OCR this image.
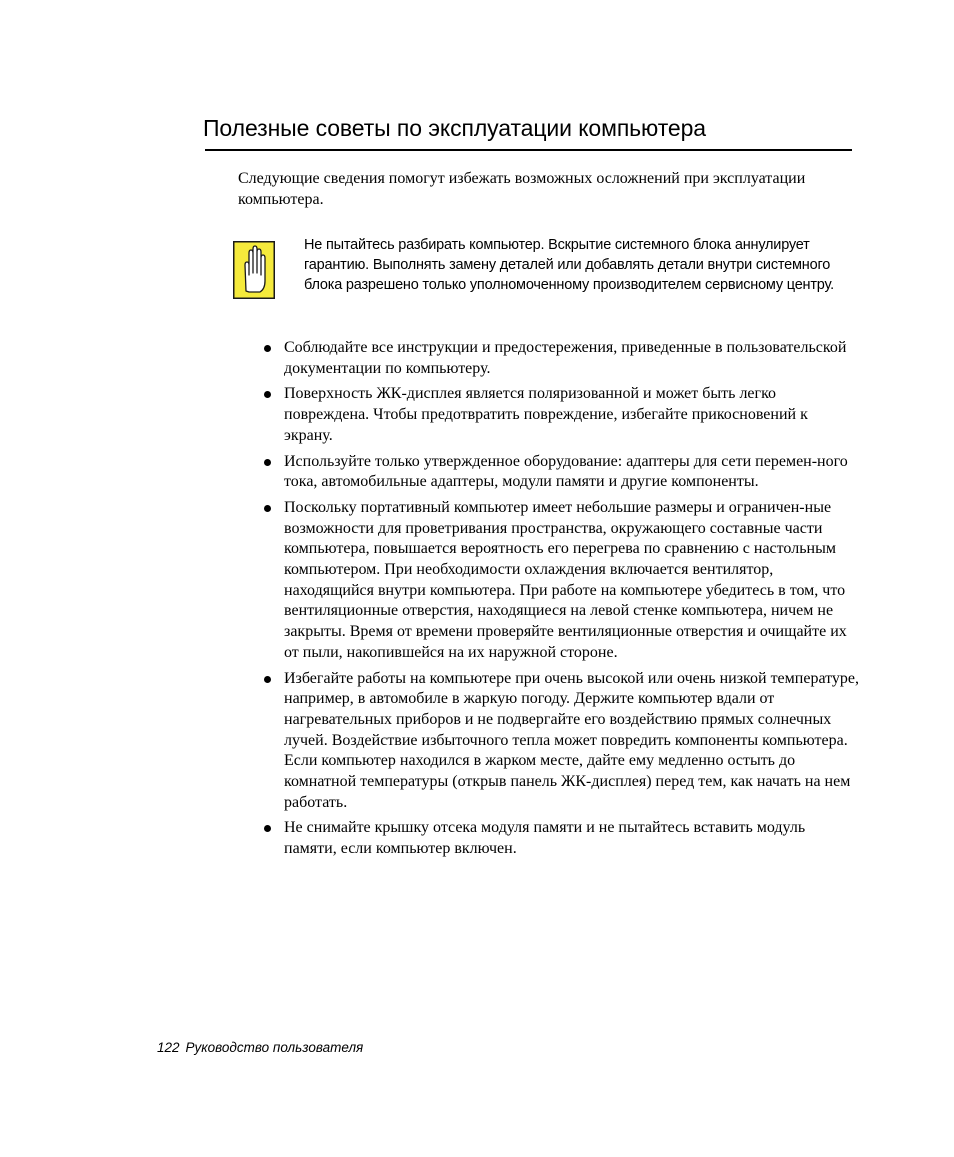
Полезные советы по эксплуатации компьютера

Следующие сведения помогут избежать возможных осложнений при эксплуатации компьютера.

Не пытайтесь разбирать компьютер. Вскрытие системного блока аннулирует гарантию. Выполнять замену деталей или добавлять детали внутри системного блока разрешено только уполномоченному производителем сервисному центру.

Соблюдайте все инструкции и предостережения, приведенные в пользовательской документации по компьютеру.
Поверхность ЖК-дисплея является поляризованной и может быть легко повреждена. Чтобы предотвратить повреждение, избегайте прикосновений к экрану.
Используйте только утвержденное оборудование: адаптеры для сети перемен-ного тока, автомобильные адаптеры, модули памяти и другие компоненты.
Поскольку портативный компьютер имеет небольшие размеры и ограничен-ные возможности для проветривания пространства, окружающего составные части компьютера, повышается вероятность его перегрева по сравнению с настольным компьютером. При необходимости охлаждения включается вентилятор, находящийся внутри компьютера. При работе на компьютере убедитесь в том, что вентиляционные отверстия, находящиеся на левой стенке компьютера, ничем не закрыты. Время от времени проверяйте вентиляционные отверстия и очищайте их от пыли, накопившейся на их наружной стороне.
Избегайте работы на компьютере при очень высокой или очень низкой температуре, например, в автомобиле в жаркую погоду. Держите компьютер вдали от нагревательных приборов и не подвергайте его воздействию прямых солнечных лучей. Воздействие избыточного тепла может повредить компоненты компьютера. Если компьютер находился в жарком месте, дайте ему медленно остыть до комнатной температуры (открыв панель ЖК-дисплея) перед тем, как начать на нем работать.
Не снимайте крышку отсека модуля памяти и не пытайтесь вставить модуль памяти, если компьютер включен.

122 Руководство пользователя
